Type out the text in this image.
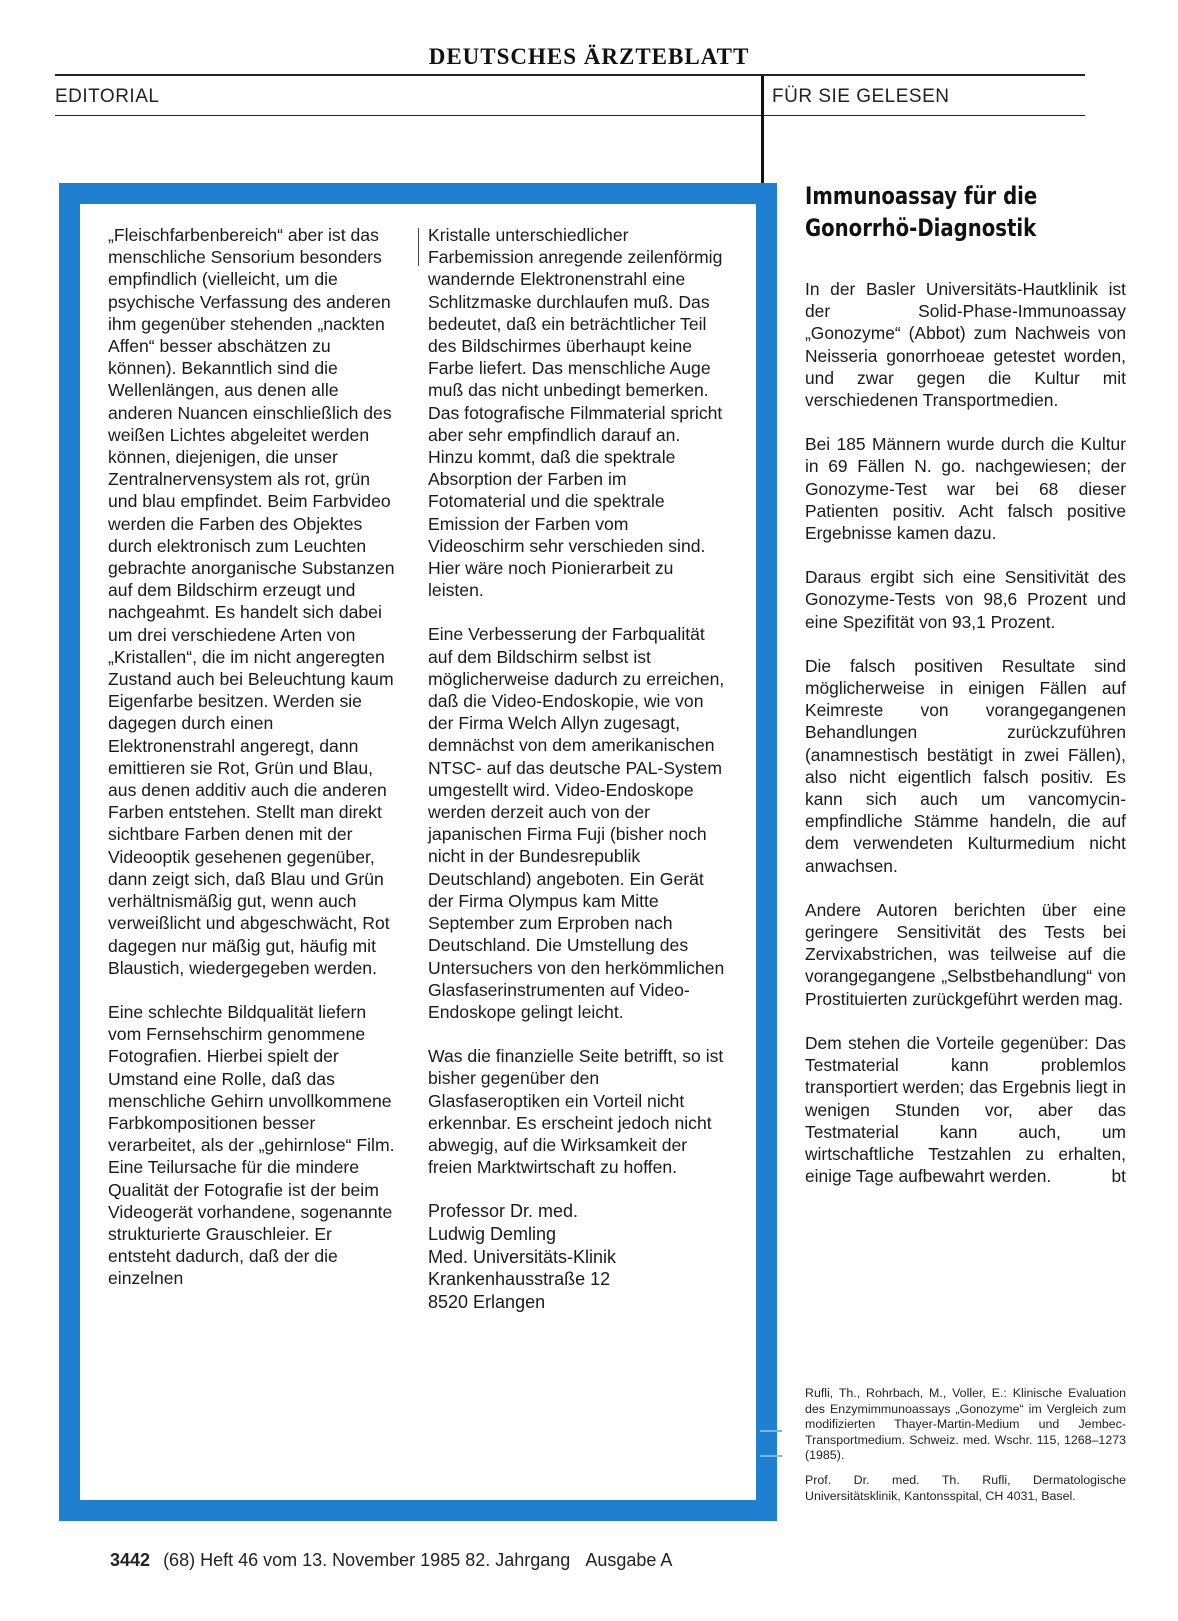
DEUTSCHES ÄRZTEBLATT
EDITORIAL	FÜR SIE GELESEN

„Fleischfarbenbereich“ aber ist das menschliche Sensorium besonders empfindlich (vielleicht, um die psychische Verfassung des anderen ihm gegenüber stehenden „nackten Affen“ besser abschätzen zu können). Bekanntlich sind die Wellenlängen, aus denen alle anderen Nuancen einschließlich des weißen Lichtes abgeleitet werden können, diejenigen, die unser Zentralnervensystem als rot, grün und blau empfindet. Beim Farbvideo werden die Farben des Objektes durch elektronisch zum Leuchten gebrachte anorganische Substanzen auf dem Bildschirm erzeugt und nachgeahmt. Es handelt sich dabei um drei verschiedene Arten von „Kristallen“, die im nicht angeregten Zustand auch bei Beleuchtung kaum Eigenfarbe besitzen. Werden sie dagegen durch einen Elektronenstrahl angeregt, dann emittieren sie Rot, Grün und Blau, aus denen additiv auch die anderen Farben entstehen. Stellt man direkt sichtbare Farben denen mit der Videooptik gesehenen gegenüber, dann zeigt sich, daß Blau und Grün verhältnismäßig gut, wenn auch verweißlicht und abgeschwächt, Rot dagegen nur mäßig gut, häufig mit Blaustich, wiedergegeben werden.

Eine schlechte Bildqualität liefern vom Fernsehschirm genommene Fotografien. Hierbei spielt der Umstand eine Rolle, daß das menschliche Gehirn unvollkommene Farbkompositionen besser verarbeitet, als der „gehirnlose“ Film. Eine Teilursache für die mindere Qualität der Fotografie ist der beim Videogerät vorhandene, sogenannte strukturierte Grauschleier. Er entsteht dadurch, daß der die einzelnen

Kristalle unterschiedlicher Farbemission anregende zeilenförmig wandernde Elektronenstrahl eine Schlitzmaske durchlaufen muß. Das bedeutet, daß ein beträchtlicher Teil des Bildschirmes überhaupt keine Farbe liefert. Das menschliche Auge muß das nicht unbedingt bemerken. Das fotografische Filmmaterial spricht aber sehr empfindlich darauf an. Hinzu kommt, daß die spektrale Absorption der Farben im Fotomaterial und die spektrale Emission der Farben vom Videoschirm sehr verschieden sind. Hier wäre noch Pionierarbeit zu leisten.

Eine Verbesserung der Farbqualität auf dem Bildschirm selbst ist möglicherweise dadurch zu erreichen, daß die Video-Endoskopie, wie von der Firma Welch Allyn zugesagt, demnächst von dem amerikanischen NTSC- auf das deutsche PAL-System umgestellt wird. Video-Endoskope werden derzeit auch von der japanischen Firma Fuji (bisher noch nicht in der Bundesrepublik Deutschland) angeboten. Ein Gerät der Firma Olympus kam Mitte September zum Erproben nach Deutschland. Die Umstellung des Untersuchers von den herkömmlichen Glasfaserinstrumenten auf Video-Endoskope gelingt leicht.

Was die finanzielle Seite betrifft, so ist bisher gegenüber den Glasfaseroptiken ein Vorteil nicht erkennbar. Es erscheint jedoch nicht abwegig, auf die Wirksamkeit der freien Marktwirtschaft zu hoffen.

Professor Dr. med.
Ludwig Demling
Med. Universitäts-Klinik
Krankenhausstraße 12
8520 Erlangen
Immunoassay für die Gonorrhö-Diagnostik

In der Basler Universitäts-Hautklinik ist der Solid-Phase-Immunoassay „Gonozyme“ (Abbot) zum Nachweis von Neisseria gonorrhoeae getestet worden, und zwar gegen die Kultur mit verschiedenen Transportmedien.

Bei 185 Männern wurde durch die Kultur in 69 Fällen N. go. nachgewiesen; der Gonozyme-Test war bei 68 dieser Patienten positiv. Acht falsch positive Ergebnisse kamen dazu.

Daraus ergibt sich eine Sensitivität des Gonozyme-Tests von 98,6 Prozent und eine Spezifität von 93,1 Prozent.

Die falsch positiven Resultate sind möglicherweise in einigen Fällen auf Keimreste von vorangegangenen Behandlungen zurückzuführen (anamnestisch bestätigt in zwei Fällen), also nicht eigentlich falsch positiv. Es kann sich auch um vancomycin-empfindliche Stämme handeln, die auf dem verwendeten Kulturmedium nicht anwachsen.

Andere Autoren berichten über eine geringere Sensitivität des Tests bei Zervixabstrichen, was teilweise auf die vorangegangene „Selbstbehandlung“ von Prostituierten zurückgeführt werden mag.

Dem stehen die Vorteile gegenüber: Das Testmaterial kann problemlos transportiert werden; das Ergebnis liegt in wenigen Stunden vor, aber das Testmaterial kann auch, um wirtschaftliche Testzahlen zu erhalten, einige Tage aufbewahrt werden.	bt

Rufli, Th., Rohrbach, M., Voller, E.: Klinische Evaluation des Enzymimmunoassays „Gonozyme“ im Vergleich zum modifizierten Thayer-Martin-Medium und Jembec-Transportmedium. Schweiz. med. Wschr. 115, 1268–1273 (1985).

Prof. Dr. med. Th. Rufli, Dermatologische Universitätsklinik, Kantonsspital, CH 4031, Basel.

3442 (68) Heft 46 vom 13. November 1985 82. Jahrgang Ausgabe A
